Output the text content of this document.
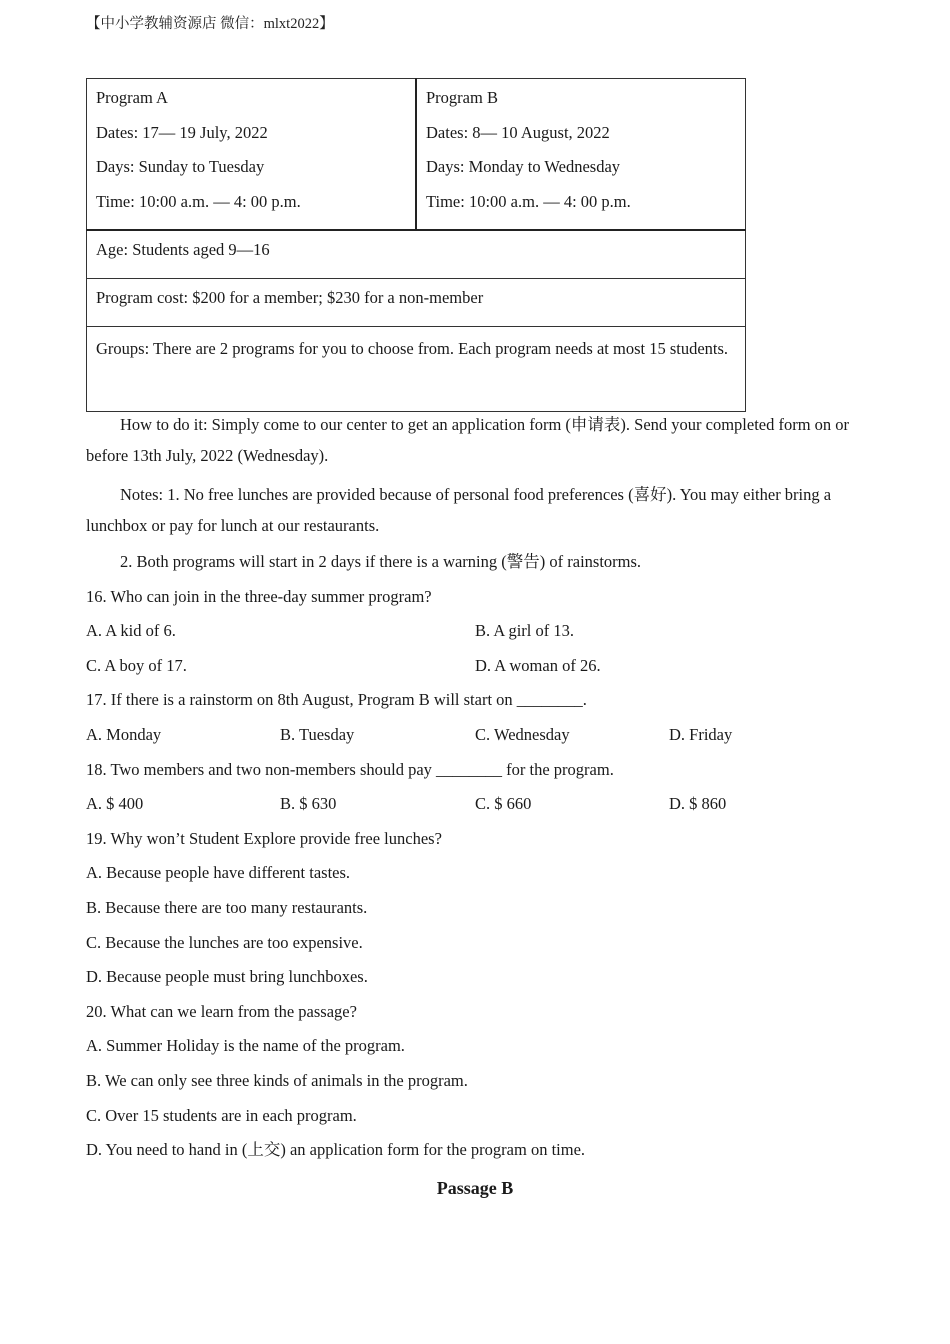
【中小学教辅资源店 微信：mlxt2022】
Program A
Dates: 17— 19 July, 2022
Days: Sunday to Tuesday
Time: 10:00 a.m. — 4: 00 p.m.

Program B
Dates: 8— 10 August, 2022
Days: Monday to Wednesday
Time: 10:00 a.m. — 4: 00 p.m.

Age: Students aged 9—16
Program cost: $200 for a member; $230 for a non-member
Groups: There are 2 programs for you to choose from. Each program needs at most 15 students.

How to do it: Simply come to our center to get an application form (申请表). Send your completed form on or before 13th July, 2022 (Wednesday).

Notes: 1. No free lunches are provided because of personal food preferences (喜好). You may either bring a lunchbox or pay for lunch at our restaurants.

2. Both programs will start in 2 days if there is a warning (警告) of rainstorms.
16. Who can join in the three-day summer program?
A. A kid of 6.	B. A girl of 13.
C. A boy of 17.	D. A woman of 26.
17. If there is a rainstorm on 8th August, Program B will start on ________.
A. Monday	B. Tuesday	C. Wednesday	D. Friday
18. Two members and two non-members should pay ________ for the program.
A. $ 400	B. $ 630	C. $ 660	D. $ 860
19. Why won’t Student Explore provide free lunches?
A. Because people have different tastes.
B. Because there are too many restaurants.
C. Because the lunches are too expensive.
D. Because people must bring lunchboxes.
20. What can we learn from the passage?
A. Summer Holiday is the name of the program.
B. We can only see three kinds of animals in the program.
C. Over 15 students are in each program.
D. You need to hand in (上交) an application form for the program on time.
Passage B
